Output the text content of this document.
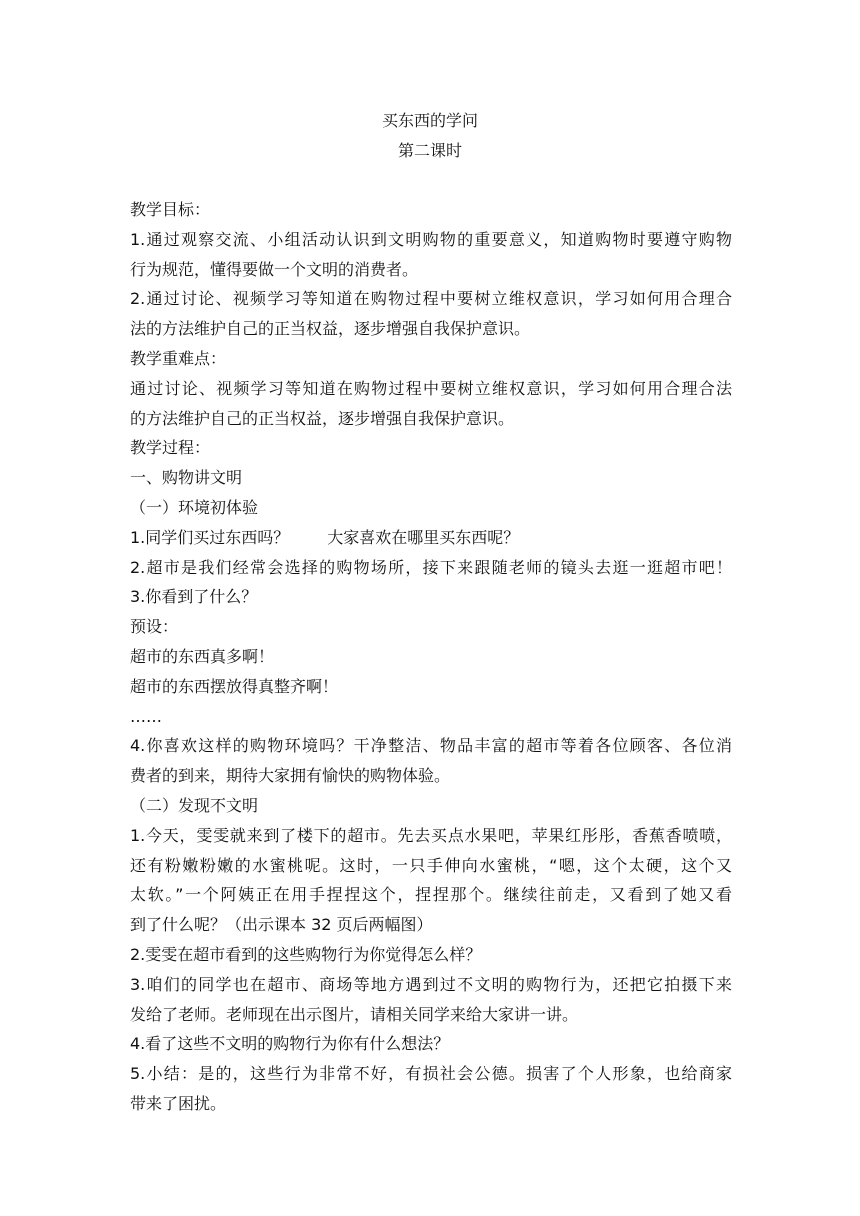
买东西的学问
第二课时
教学目标：
1.通过观察交流、小组活动认识到文明购物的重要意义，知道购物时要遵守购物
行为规范，懂得要做一个文明的消费者。
2.通过讨论、视频学习等知道在购物过程中要树立维权意识，学习如何用合理合
法的方法维护自己的正当权益，逐步增强自我保护意识。
教学重难点：
通过讨论、视频学习等知道在购物过程中要树立维权意识，学习如何用合理合法
的方法维护自己的正当权益，逐步增强自我保护意识。
教学过程：
一、购物讲文明
（一）环境初体验
1.同学们买过东西吗？ 大家喜欢在哪里买东西呢？
2.超市是我们经常会选择的购物场所，接下来跟随老师的镜头去逛一逛超市吧！
3.你看到了什么？
预设：
超市的东西真多啊！
超市的东西摆放得真整齐啊！
……
4.你喜欢这样的购物环境吗？干净整洁、物品丰富的超市等着各位顾客、各位消
费者的到来，期待大家拥有愉快的购物体验。
（二）发现不文明
1.今天，雯雯就来到了楼下的超市。先去买点水果吧，苹果红彤彤，香蕉香喷喷，
还有粉嫩粉嫩的水蜜桃呢。这时，一只手伸向水蜜桃，“嗯，这个太硬，这个又
太软。”一个阿姨正在用手捏捏这个，捏捏那个。继续往前走，又看到了她又看
到了什么呢？（出示课本 32 页后两幅图）
2.雯雯在超市看到的这些购物行为你觉得怎么样？
3.咱们的同学也在超市、商场等地方遇到过不文明的购物行为，还把它拍摄下来
发给了老师。老师现在出示图片，请相关同学来给大家讲一讲。
4.看了这些不文明的购物行为你有什么想法？
5.小结：是的，这些行为非常不好，有损社会公德。损害了个人形象，也给商家
带来了困扰。
